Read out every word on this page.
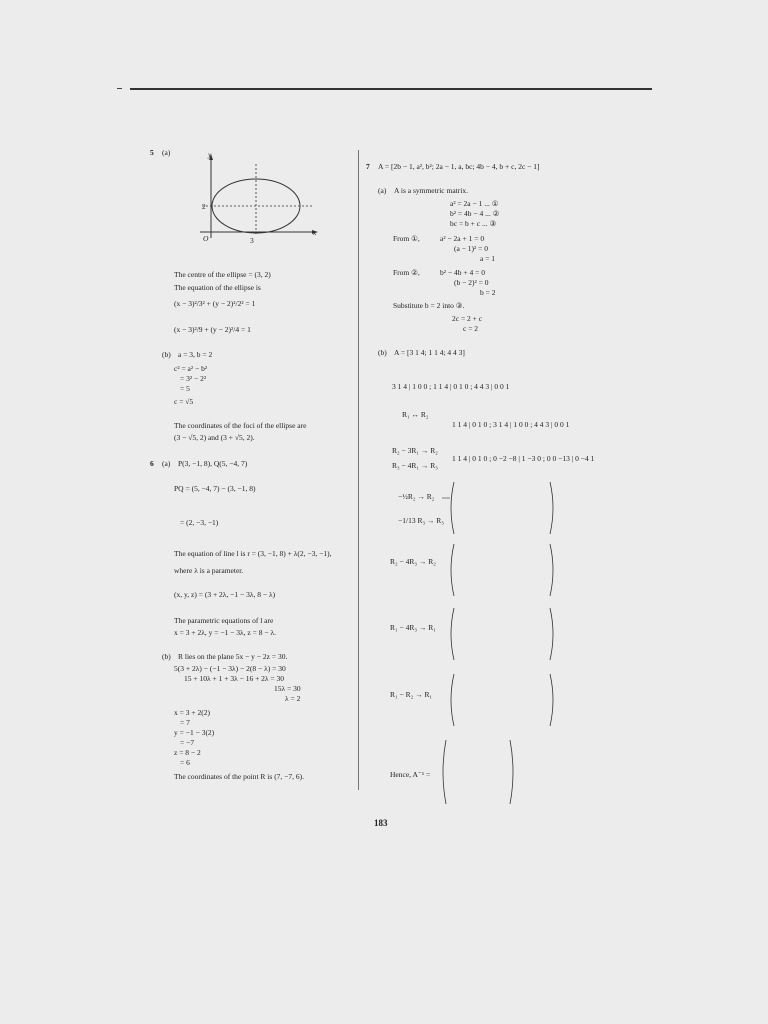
5 (a)	y
x
O
2
3
The centre of the ellipse = (3, 2)
The equation of the ellipse is
(x − 3)²/3² + (y − 2)²/2² = 1
(x − 3)²/9 + (y − 2)²/4 = 1
(b) a = 3, b = 2
c² = a² − b²
= 3² − 2²
= 5
c = √5
The coordinates of the foci of the ellipse are
(3 − √5, 2) and (3 + √5, 2).
6 (a) P(3, −1, 8), Q(5, −4, 7)
PQ = (5, −4, 7) − (3, −1, 8)
= (2, −3, −1)
The equation of line l is r = (3, −1, 8) + λ(2, −3, −1),
where λ is a parameter.
(x, y, z) = (3 + 2λ, −1 − 3λ, 8 − λ)
The parametric equations of l are
x = 3 + 2λ, y = −1 − 3λ, z = 8 − λ.
(b) R lies on the plane 5x − y − 2z = 30.
5(3 + 2λ) − (−1 − 3λ) − 2(8 − λ) = 30
15 + 10λ + 1 + 3λ − 16 + 2λ = 30
15λ = 30
λ = 2
x = 3 + 2(2)
= 7
y = −1 − 3(2)
= −7
z = 8 − 2
= 6
The coordinates of the point R is (7, −7, 6).
7 A = [2b − 1, a², b²; 2a − 1, a, bc; 4b − 4, b + c, 2c − 1]
(a) A is a symmetric matrix.
a² = 2a − 1 ... ①
b² = 4b − 4 ... ②
bc = b + c ... ③
From ①,	a² − 2a + 1 = 0
(a − 1)² = 0
a = 1
From ②,	b² − 4b + 4 = 0
(b − 2)² = 0
b = 2
Substitute b = 2 into ③.
2c = 2 + c
c = 2
(b) A = [3 1 4; 1 1 4; 4 4 3]
3 1 4 | 1 0 0 ; 1 1 4 | 0 1 0 ; 4 4 3 | 0 0 1
R₁ ↔ R₂
1 1 4 | 0 1 0 ; 3 1 4 | 1 0 0 ; 4 4 3 | 0 0 1
R₂ − 3R₁ → R₂
R₃ − 4R₁ → R₃
1 1 4 | 0 1 0 ; 0 −2 −8 | 1 −3 0 ; 0 0 −13 | 0 −4 1
−½R₂ → R₂
−1/13 R₃ → R₃
R₂ − 4R₃ → R₂
R₁ − 4R₃ → R₁
R₁ − R₂ → R₁
Hence, A⁻¹ =
183
